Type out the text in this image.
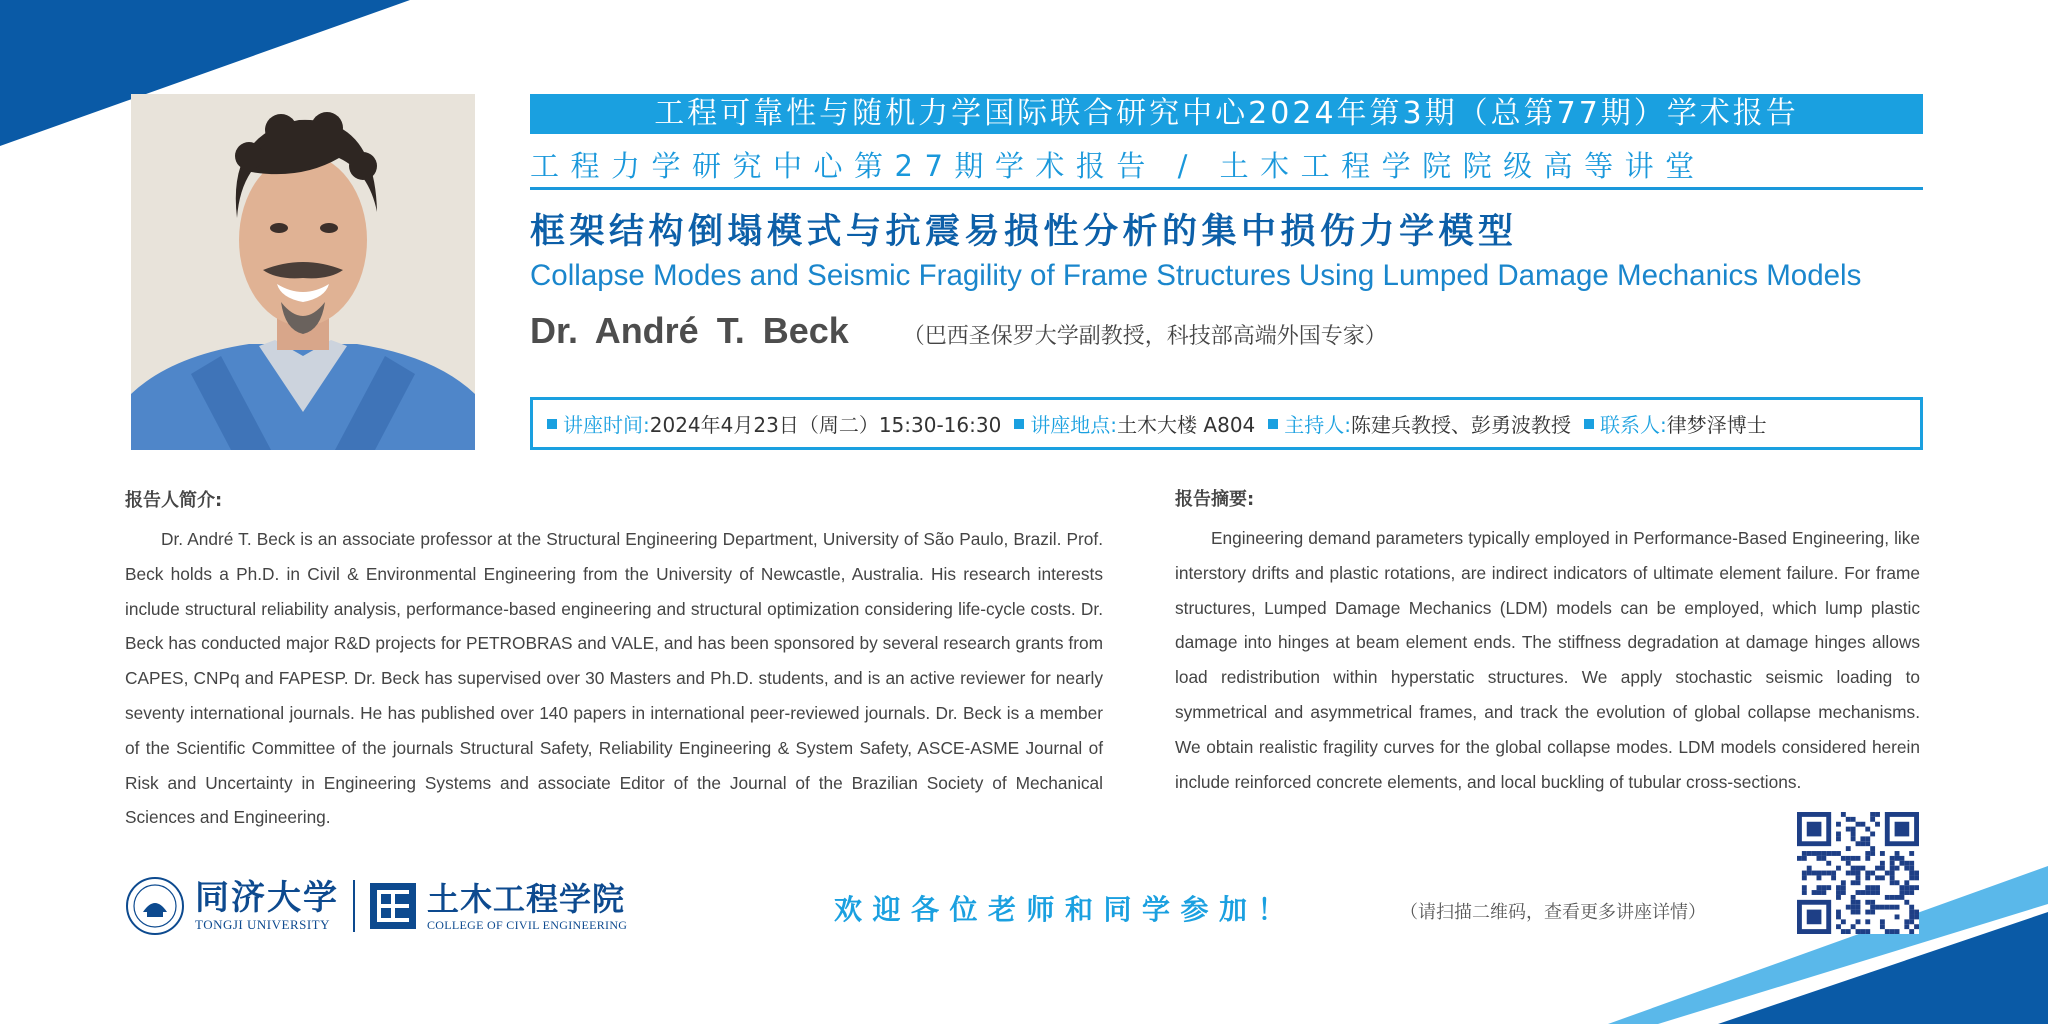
工程可靠性与随机力学国际联合研究中心2024年第3期（总第77期）学术报告
工程力学研究中心第27期学术报告 / 土木工程学院院级高等讲堂
框架结构倒塌模式与抗震易损性分析的集中损伤力学模型
Collapse Modes and Seismic Fragility of Frame Structures Using Lumped Damage Mechanics Models
Dr. André T. Beck （巴西圣保罗大学副教授，科技部高端外国专家）
讲座时间: 2024年4月23日（周二）15:30-16:30 讲座地点: 土木大楼 A804 主持人: 陈建兵教授、彭勇波教授 联系人: 律梦泽博士
报告人简介:
Dr. André T. Beck is an associate professor at the Structural Engineering Department, University of São Paulo, Brazil. Prof. Beck holds a Ph.D. in Civil & Environmental Engineering from the University of Newcastle, Australia. His research interests include structural reliability analysis, performance-based engineering and structural optimization considering life-cycle costs. Dr. Beck has conducted major R&D projects for PETROBRAS and VALE, and has been sponsored by several research grants from CAPES, CNPq and FAPESP. Dr. Beck has supervised over 30 Masters and Ph.D. students, and is an active reviewer for nearly seventy international journals. He has published over 140 papers in international peer-reviewed journals. Dr. Beck is a member of the Scientific Committee of the journals Structural Safety, Reliability Engineering & System Safety, ASCE-ASME Journal of Risk and Uncertainty in Engineering Systems and associate Editor of the Journal of the Brazilian Society of Mechanical Sciences and Engineering.
报告摘要:
Engineering demand parameters typically employed in Performance-Based Engineering, like interstory drifts and plastic rotations, are indirect indicators of ultimate element failure. For frame structures, Lumped Damage Mechanics (LDM) models can be employed, which lump plastic damage into hinges at beam element ends. The stiffness degradation at damage hinges allows load redistribution within hyperstatic structures. We apply stochastic seismic loading to symmetrical and asymmetrical frames, and track the evolution of global collapse mechanisms. We obtain realistic fragility curves for the global collapse modes. LDM models considered herein include reinforced concrete elements, and local buckling of tubular cross-sections.
同济大学
TONGJI UNIVERSITY
土木工程学院
COLLEGE OF CIVIL ENGINEERING	欢迎各位老师和同学参加！	（请扫描二维码，查看更多讲座详情）
